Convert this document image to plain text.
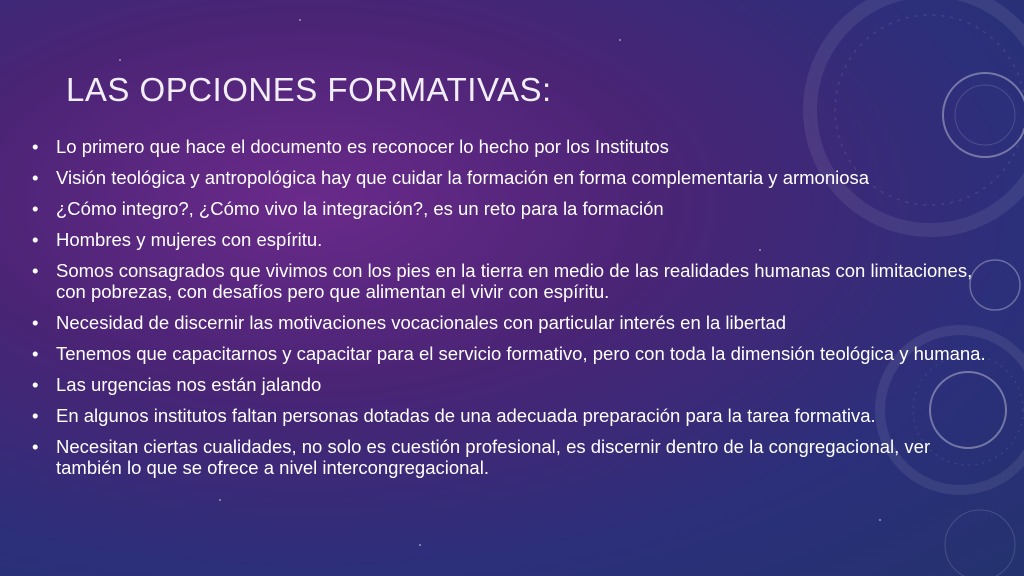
LAS OPCIONES FORMATIVAS:
• Lo primero que hace el documento es reconocer lo hecho por los Institutos
• Visión teológica y antropológica hay que cuidar la formación en forma complementaria y armoniosa
• ¿Cómo integro?, ¿Cómo vivo la integración?, es un reto para la formación
• Hombres y mujeres con espíritu.
• Somos consagrados que vivimos con los pies en la tierra en medio de las realidades humanas con limitaciones, con pobrezas, con desafíos pero que alimentan el vivir con espíritu.
• Necesidad de discernir las motivaciones vocacionales con particular interés en la libertad
• Tenemos que capacitarnos y capacitar para el servicio formativo, pero con toda la dimensión teológica y humana.
• Las urgencias nos están jalando
• En algunos institutos faltan personas dotadas de una adecuada preparación para la tarea formativa.
• Necesitan ciertas cualidades, no solo es cuestión profesional, es discernir dentro de la congregacional, ver también lo que se ofrece a nivel intercongregacional.
